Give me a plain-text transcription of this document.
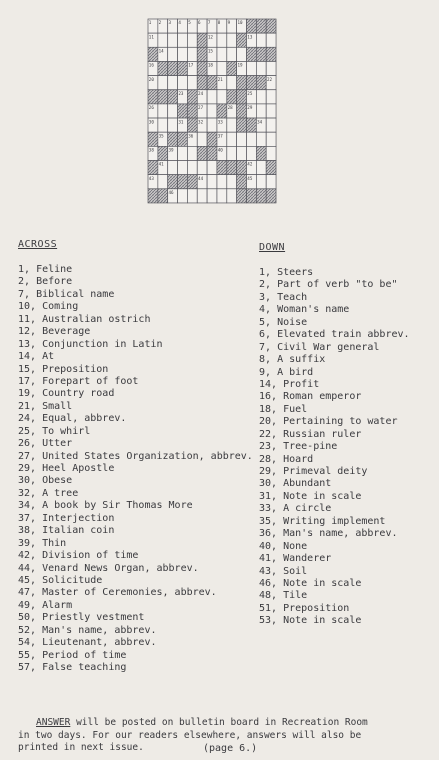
1 2 3 4 5 6 7 8 9 10
11	12	13
14	15
16	17	18	19
20	21	22
23	24	25
26	27	28	29
30	31	32	33	34
35	36	37
38	39	40
41	42
43	44	45
46
ACROSS
1, Feline
2, Before
7, Biblical name
10, Coming
11, Australian ostrich
12, Beverage
13, Conjunction in Latin
14, At
15, Preposition
17, Forepart of foot
19, Country road
21, Small
24, Equal, abbrev.
25, To whirl
26, Utter
27, United States Organization, abbrev.
29, Heel Apostle
30, Obese
32, A tree
34, A book by Sir Thomas More
37, Interjection
38, Italian coin
39, Thin
42, Division of time
44, Venard News Organ, abbrev.
45, Solicitude
47, Master of Ceremonies, abbrev.
49, Alarm
50, Priestly vestment
52, Man's name, abbrev.
54, Lieutenant, abbrev.
55, Period of time
57, False teaching
DOWN
1, Steers
2, Part of verb "to be"
3, Teach
4, Woman's name
5, Noise
6, Elevated train abbrev.
7, Civil War general
8, A suffix
9, A bird
14, Profit
16, Roman emperor
18, Fuel
20, Pertaining to water
22, Russian ruler
23, Tree-pine
28, Hoard
29, Primeval deity
30, Abundant
31, Note in scale
33, A circle
35, Writing implement
36, Man's name, abbrev.
40, None
41, Wanderer
43, Soil
46, Note in scale
48, Tile
51, Preposition
53, Note in scale
ANSWER will be posted on bulletin board in Recreation Room
in two days. For our readers elsewhere, answers will also be
printed in next issue.	(page 6.)
